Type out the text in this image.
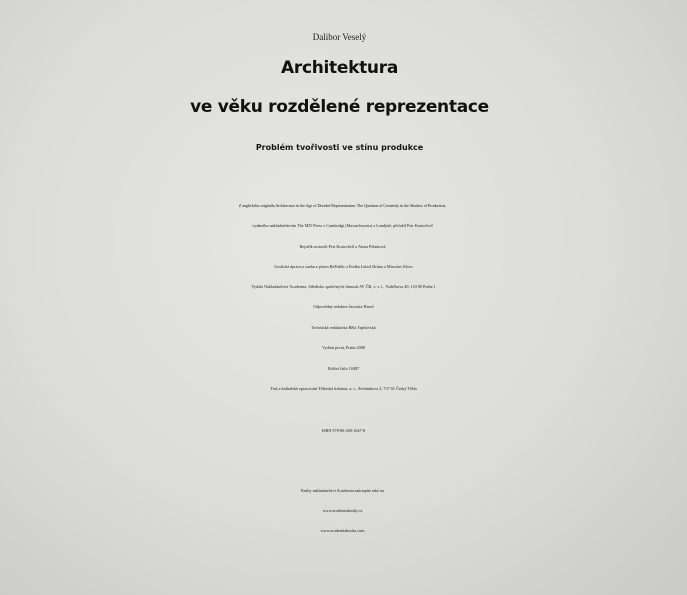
Dalibor Veselý
Architektura
ve věku rozdělené reprezentace
Problém tvořivosti ve stínu produkce
Z anglického originálu Architecture in the Age of Divided Representation. The Question of Creativity in the Shadow of Production,
vydaného nakladatelstvím The MIT Press v Cambridgi (Massachusetts) a Londýně, přeložil Petr Kratochvíl
Rejstřík sestavili Petr Kratochvíl a Alena Pelantová
Grafická úprava a sazba z písem RePublic a Etelka Luboš Drtina a Miroslav Kloss
Vydalo Nakladatelství Academia, Středisko společných činností AV ČR, v. v. i., Vodičkova 40, 110 00 Praha 1
Odpovědný redaktor Jaroslav Havel
Technická redaktorka Běla Trpišovská
Vydání první, Praha 2008
Ediční číslo 10487
Tisk a knihařské zpracování Těšínská tiskárna, a. s., Štefánikova 2, 737 01 Český Těšín
ISBN 978-80-200-1647-8
Knihy nakladatelství Academia zakoupíte také na
www.academiaknihy.cz
www.academiabooks.com
